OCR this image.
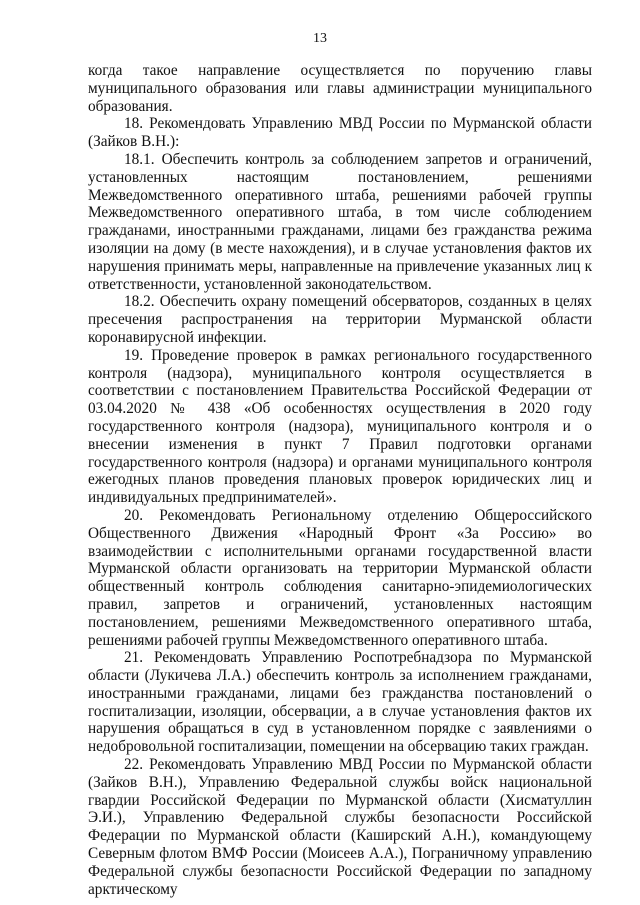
13

когда такое направление осуществляется по поручению главы муниципального образования или главы администрации муниципального образования.

18. Рекомендовать Управлению МВД России по Мурманской области (Зайков В.Н.):

18.1. Обеспечить контроль за соблюдением запретов и ограничений, установленных настоящим постановлением, решениями Межведомственного оперативного штаба, решениями рабочей группы Межведомственного оперативного штаба, в том числе соблюдением гражданами, иностранными гражданами, лицами без гражданства режима изоляции на дому (в месте нахождения), и в случае установления фактов их нарушения принимать меры, направленные на привлечение указанных лиц к ответственности, установленной законодательством.

18.2. Обеспечить охрану помещений обсерваторов, созданных в целях пресечения распространения на территории Мурманской области коронавирусной инфекции.

19. Проведение проверок в рамках регионального государственного контроля (надзора), муниципального контроля осуществляется в соответствии с постановлением Правительства Российской Федерации от 03.04.2020 № 438 «Об особенностях осуществления в 2020 году государственного контроля (надзора), муниципального контроля и о внесении изменения в пункт 7 Правил подготовки органами государственного контроля (надзора) и органами муниципального контроля ежегодных планов проведения плановых проверок юридических лиц и индивидуальных предпринимателей».

20. Рекомендовать Региональному отделению Общероссийского Общественного Движения «Народный Фронт «За Россию» во взаимодействии с исполнительными органами государственной власти Мурманской области организовать на территории Мурманской области общественный контроль соблюдения санитарно-эпидемиологических правил, запретов и ограничений, установленных настоящим постановлением, решениями Межведомственного оперативного штаба, решениями рабочей группы Межведомственного оперативного штаба.

21. Рекомендовать Управлению Роспотребнадзора по Мурманской области (Лукичева Л.А.) обеспечить контроль за исполнением гражданами, иностранными гражданами, лицами без гражданства постановлений о госпитализации, изоляции, обсервации, а в случае установления фактов их нарушения обращаться в суд в установленном порядке с заявлениями о недобровольной госпитализации, помещении на обсервацию таких граждан.

22. Рекомендовать Управлению МВД России по Мурманской области (Зайков В.Н.), Управлению Федеральной службы войск национальной гвардии Российской Федерации по Мурманской области (Хисматуллин Э.И.), Управлению Федеральной службы безопасности Российской Федерации по Мурманской области (Каширский А.Н.), командующему Северным флотом ВМФ России (Моисеев А.А.), Пограничному управлению Федеральной службы безопасности Российской Федерации по западному арктическому
